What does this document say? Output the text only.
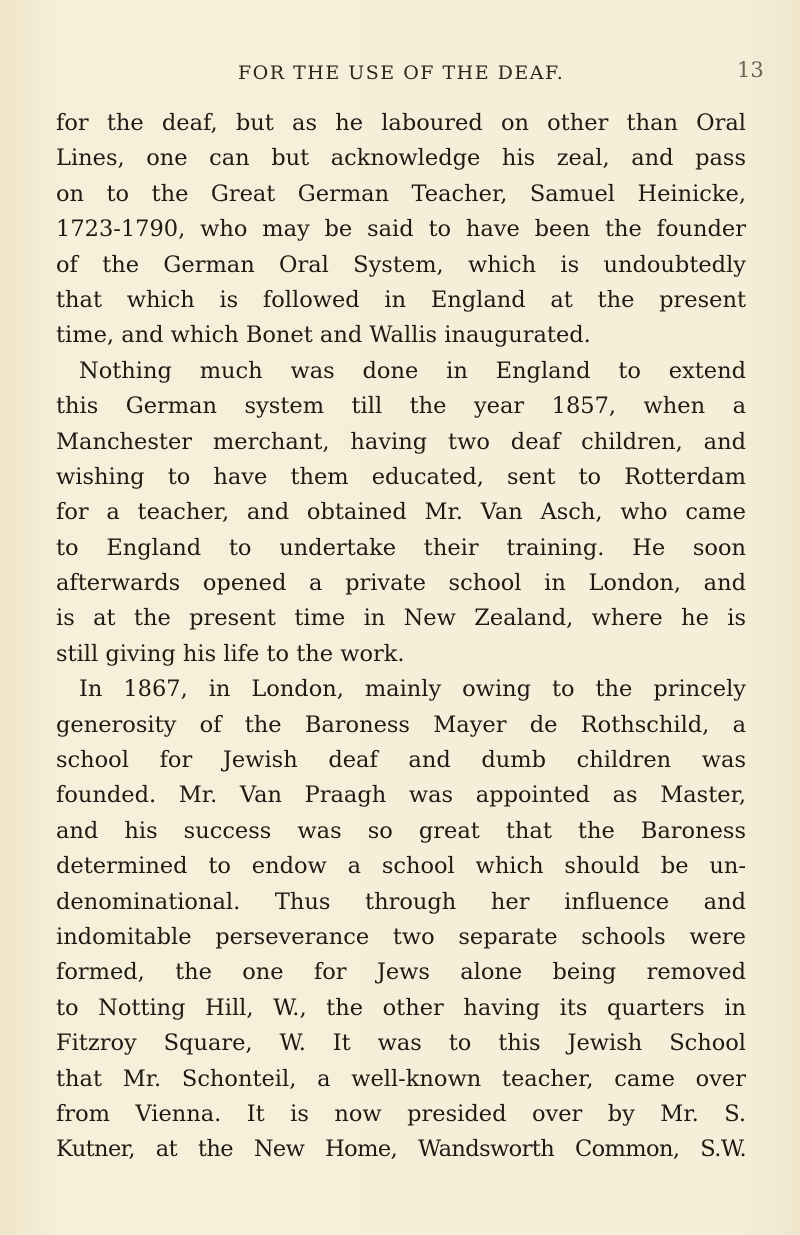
FOR THE USE OF THE DEAF.	13
for the deaf, but as he laboured on other than Oral
Lines, one can but acknowledge his zeal, and pass
on to the Great German Teacher, Samuel Heinicke,
1723-1790, who may be said to have been the founder
of the German Oral System, which is undoubtedly
that which is followed in England at the present
time, and which Bonet and Wallis inaugurated.
Nothing much was done in England to extend
this German system till the year 1857, when a
Manchester merchant, having two deaf children, and
wishing to have them educated, sent to Rotterdam
for a teacher, and obtained Mr. Van Asch, who came
to England to undertake their training. He soon
afterwards opened a private school in London, and
is at the present time in New Zealand, where he is
still giving his life to the work.
In 1867, in London, mainly owing to the princely
generosity of the Baroness Mayer de Rothschild, a
school for Jewish deaf and dumb children was
founded. Mr. Van Praagh was appointed as Master,
and his success was so great that the Baroness
determined to endow a school which should be un-
denominational. Thus through her influence and
indomitable perseverance two separate schools were
formed, the one for Jews alone being removed
to Notting Hill, W., the other having its quarters in
Fitzroy Square, W. It was to this Jewish School
that Mr. Schonteil, a well-known teacher, came over
from Vienna. It is now presided over by Mr. S.
Kutner, at the New Home, Wandsworth Common, S.W.
